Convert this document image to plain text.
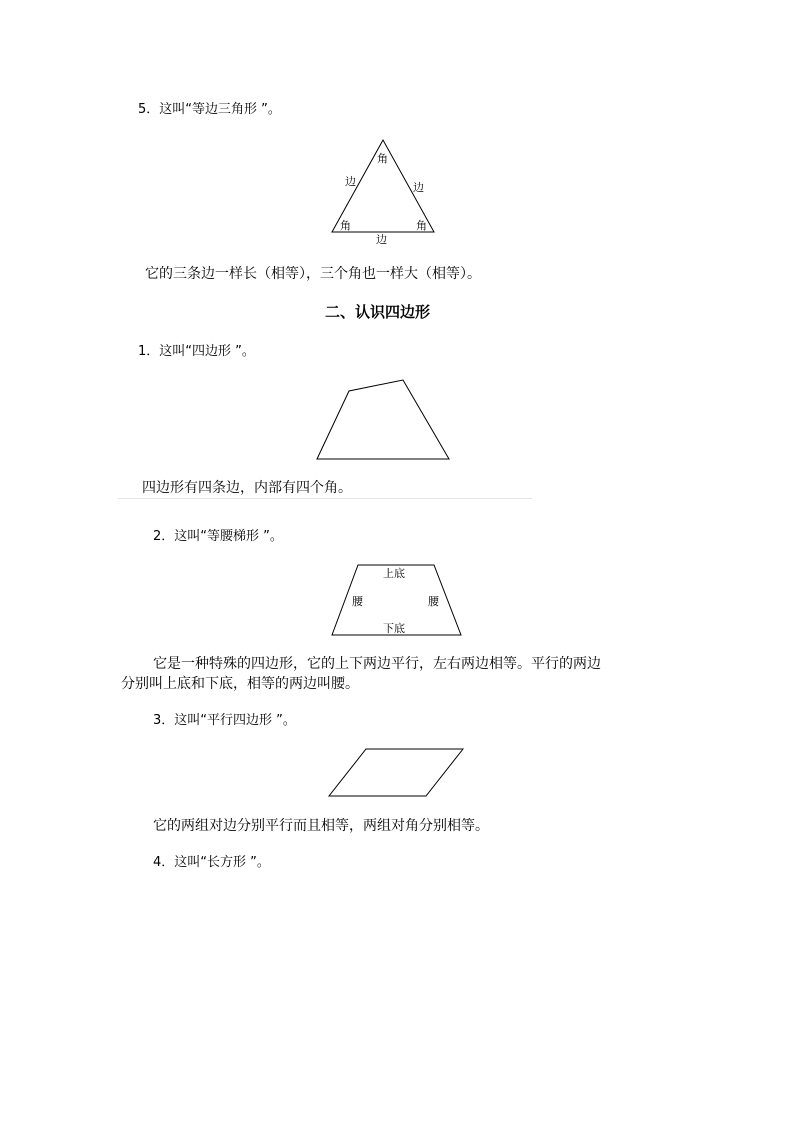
5．这叫“等边三角形 ”。
角
边	边
角	角
边
上底
腰	腰
下底
它的三条边一样长（相等），三个角也一样大（相等）。
二、认识四边形
1．这叫“四边形 ”。
四边形有四条边，内部有四个角。
2．这叫“等腰梯形 ”。
它是一种特殊的四边形，它的上下两边平行，左右两边相等。平行的两边
分别叫上底和下底，相等的两边叫腰。
3．这叫“平行四边形 ”。
它的两组对边分别平行而且相等，两组对角分别相等。
4．这叫“长方形 ”。
